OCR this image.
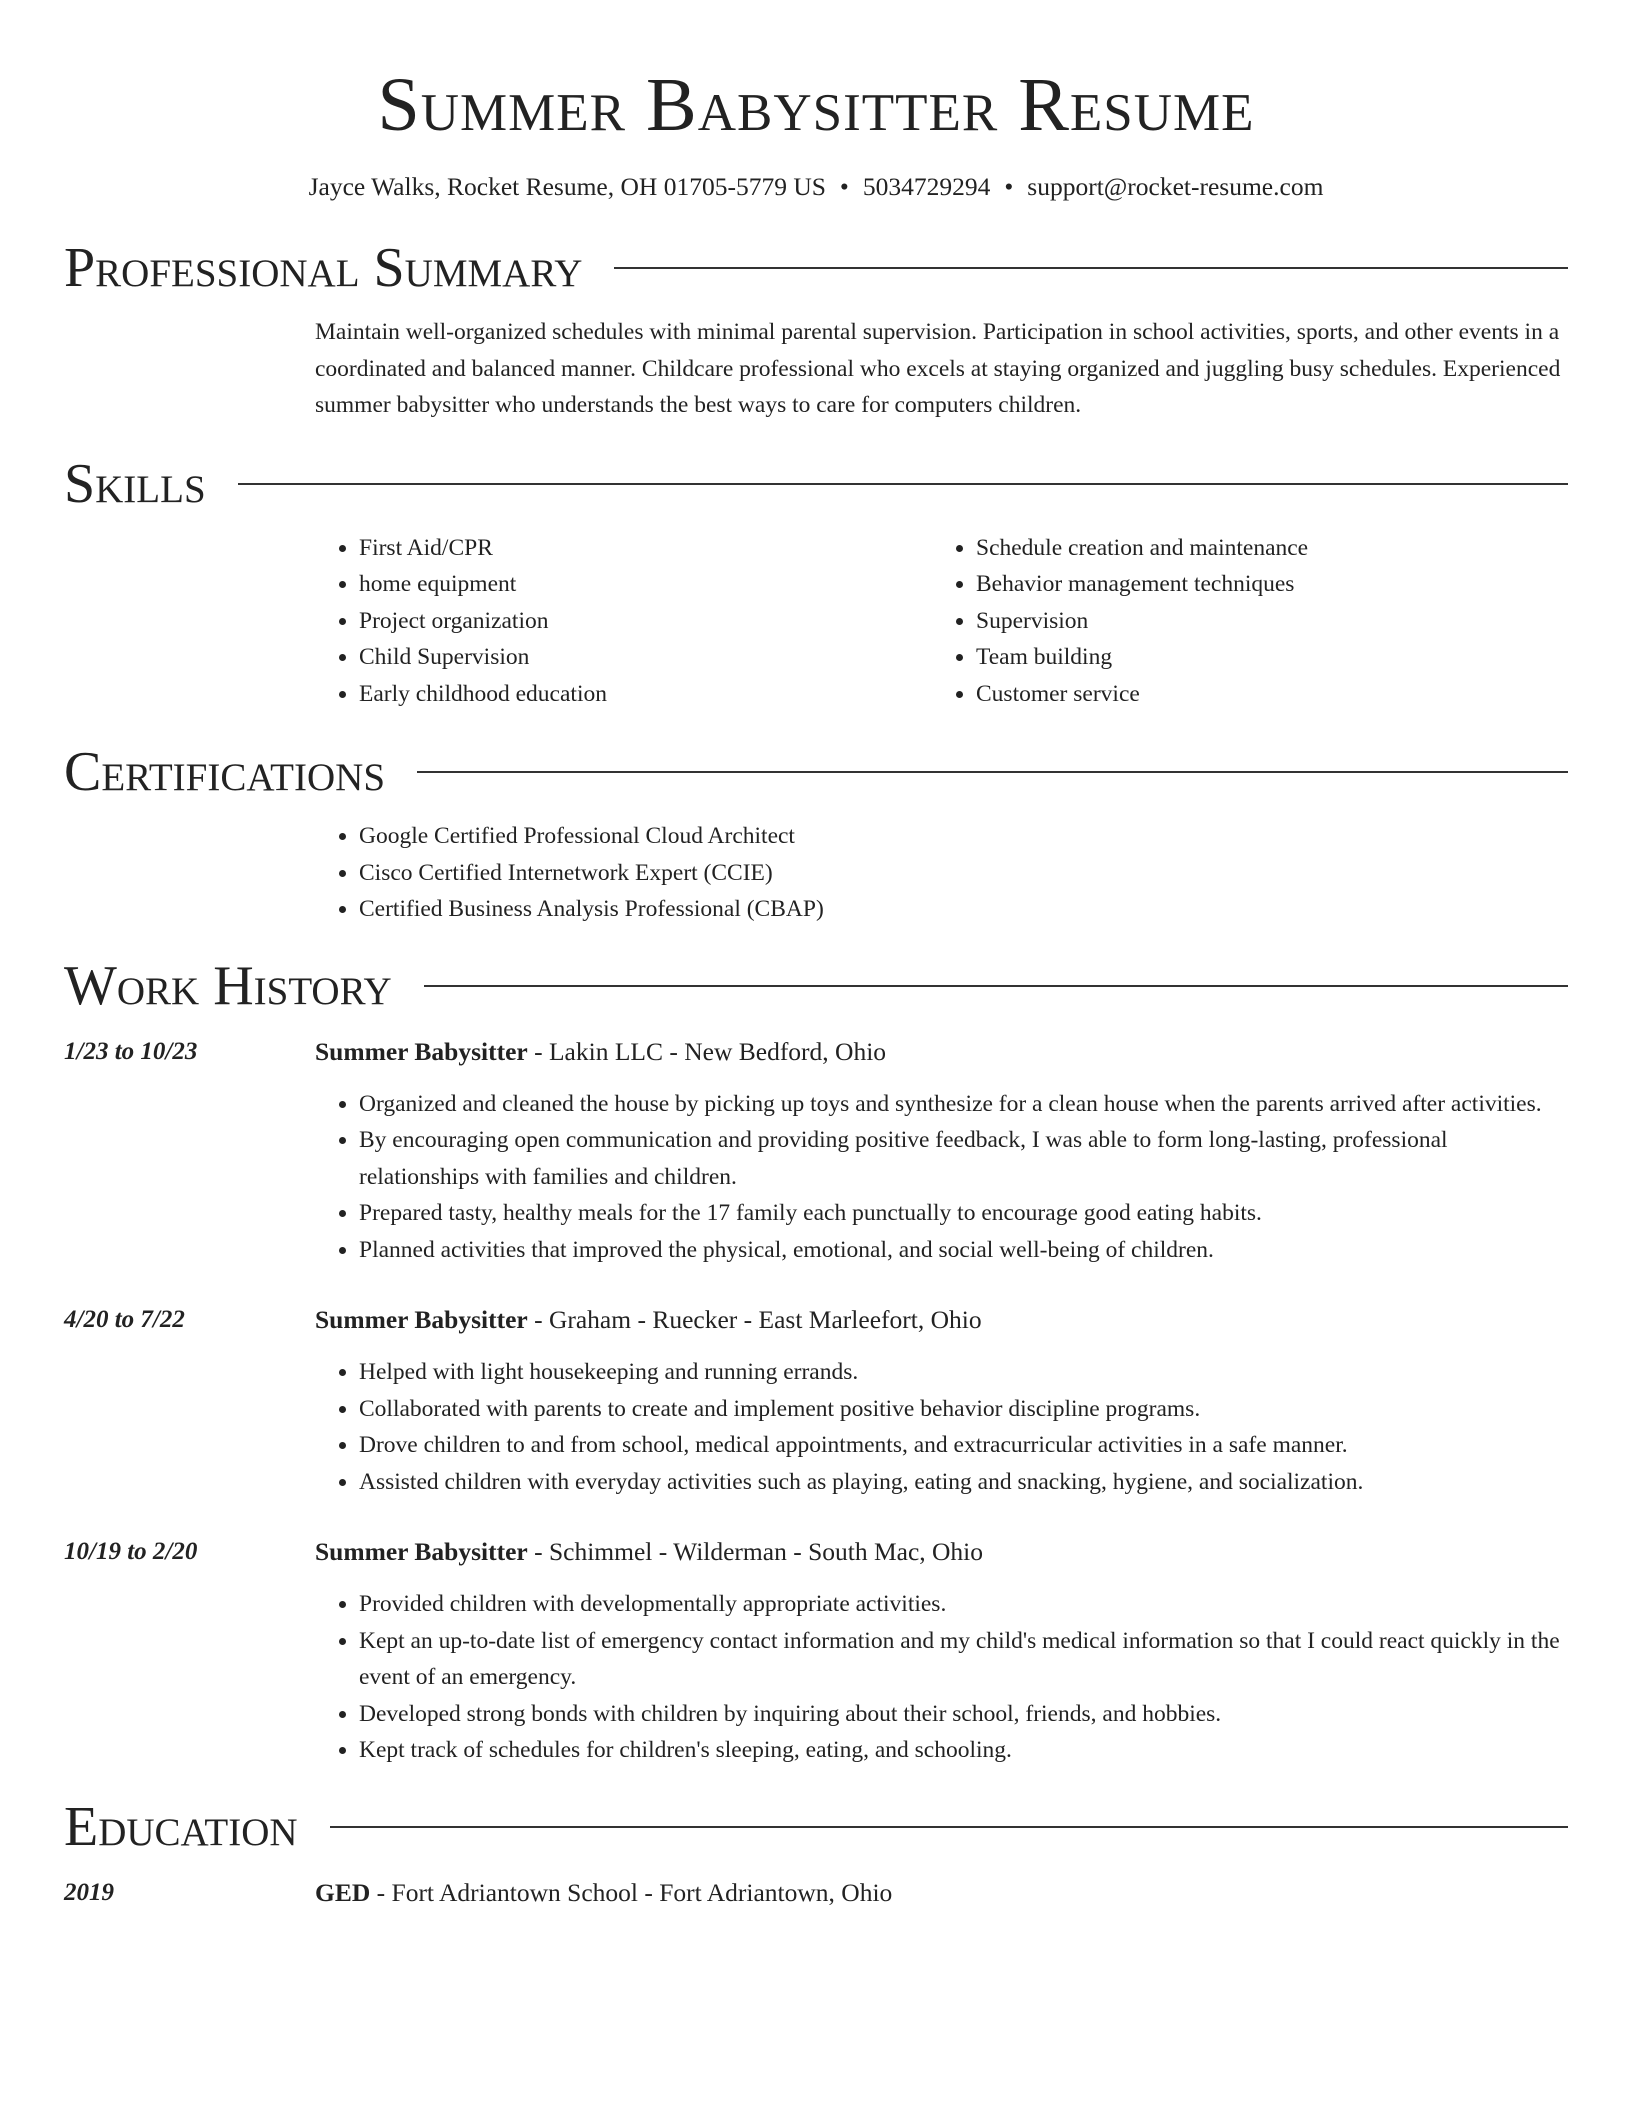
Summer Babysitter Resume
Jayce Walks, Rocket Resume, OH 01705-5779 US • 5034729294 • support@rocket-resume.com
Professional Summary
Maintain well-organized schedules with minimal parental supervision. Participation in school activities, sports, and other events in a coordinated and balanced manner. Childcare professional who excels at staying organized and juggling busy schedules. Experienced summer babysitter who understands the best ways to care for computers children.
Skills
• First Aid/CPR
• home equipment
• Project organization
• Child Supervision
• Early childhood education
• Schedule creation and maintenance
• Behavior management techniques
• Supervision
• Team building
• Customer service
Certifications
• Google Certified Professional Cloud Architect
• Cisco Certified Internetwork Expert (CCIE)
• Certified Business Analysis Professional (CBAP)
Work History
1/23 to 10/23	Summer Babysitter - Lakin LLC - New Bedford, Ohio
• Organized and cleaned the house by picking up toys and synthesize for a clean house when the parents arrived after activities.
• By encouraging open communication and providing positive feedback, I was able to form long-lasting, professional relationships with families and children.
• Prepared tasty, healthy meals for the 17 family each punctually to encourage good eating habits.
• Planned activities that improved the physical, emotional, and social well-being of children.
4/20 to 7/22	Summer Babysitter - Graham - Ruecker - East Marleefort, Ohio
• Helped with light housekeeping and running errands.
• Collaborated with parents to create and implement positive behavior discipline programs.
• Drove children to and from school, medical appointments, and extracurricular activities in a safe manner.
• Assisted children with everyday activities such as playing, eating and snacking, hygiene, and socialization.
10/19 to 2/20	Summer Babysitter - Schimmel - Wilderman - South Mac, Ohio
• Provided children with developmentally appropriate activities.
• Kept an up-to-date list of emergency contact information and my child's medical information so that I could react quickly in the event of an emergency.
• Developed strong bonds with children by inquiring about their school, friends, and hobbies.
• Kept track of schedules for children's sleeping, eating, and schooling.
Education
2019	GED - Fort Adriantown School - Fort Adriantown, Ohio
